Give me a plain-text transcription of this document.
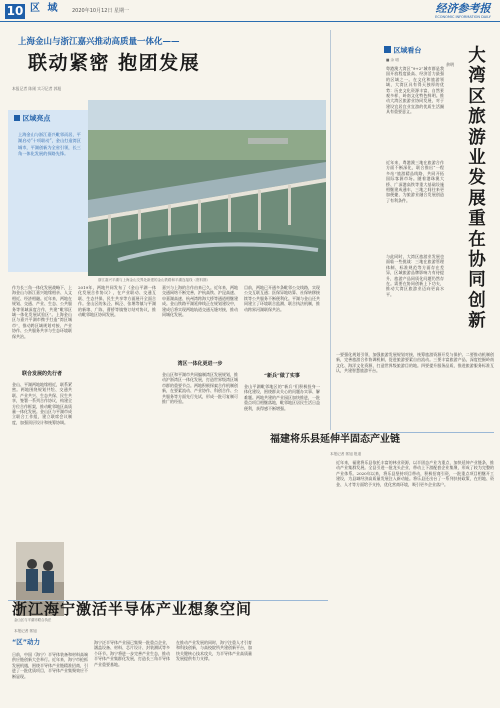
10 区 域	2020年10月12日 星期一	经济参考报
ECONOMIC INFORMATION DAILY
上海金山与浙江嘉兴推动高质量一体化——
联动紧密 抱团发展
本报记者 陈刚 实习记者 郭旭
区域亮点
上海金山与浙江嘉兴毗邻而居，平湖启动“十项联动”，金山打造湾区城市，平湖创新为全省引领，长三角一体化发展的探路先锋。
浙江嘉兴平湖与上海金山交界处新建的金山铁路和平湖连接线（资料图）
作为长三角一体化发展战略下，上海金山与浙江嘉兴地缘相亲、人文相近、经济相融。近年来，两地在规划、交通、产业、生态、公共服务等领域深度合作，共建“毗邻区域一体化发展试验区”。上海金山区与嘉兴平湖市携手打造“湾区城市”，推动跨区域规划对接、产业协作、公共服务共享与生态环境联保共治。
联合发展的先行者
金山、平湖两地地缘相近，联系紧密。两地围绕规划共绘、交通共联、产业共兴、生态共保、民生共享，签署一系列合作协议，构建全方位合作框架，推动毗邻地区高质量一体化发展。金山区与平湖市成立联合工作组，建立联席会议制度，加强顶层设计和统筹协调。
金山区与平湖市联合执法
2019年，两地共同发布了《金山平湖一体化发展合作协议》，在产业联动、交通互联、生态共保、民生共享等方面展开全面合作。金山区的朱泾、枫泾、张堰等镇与平湖的新埭、广陈、曹桥等镇签订结对协议，推动毗邻地区协同发展。
嘉兴与上海的合作由来已久。近年来，两地交通网络不断完善，沪杭高铁、沪昆高速、申嘉湖高速、杭州湾跨海大桥等通道相继建成。金山铁路平湖延伸线正在规划建设中，建成后将实现两地轨道交通无缝对接，推动同城化发展。
湾区一体化更进一步
金山区和平湖市共同编制湾区发展规划，推动沪浙湾区一体化发展，打造世界级湾区城市群的重要节点。两地积极探索合作机制创新，在要素流动、产业协作、科创合作、公共服务等方面先行先试，形成一批可复制可推广的经验。
目前，两地已开通多条毗邻公交线路，实现公交互联互通；医保异地结算、社保转移接续等公共服务不断便利化。平湖与金山还共同建立了环境联合监测、联合执法机制，推动跨界河湖联保共治。
“新兵”做了实事
金山平湖毗邻地区的“新兵”们积极投身一体化建设，围绕群众关心的问题办实事、解难题。两地共建的产业园区加快推进，一批重点项目相继落地，毗邻地区居民生活日益便利，获得感不断增强。
区域看台
■ 余 明
粤港澳大湾区“9+2”城市群是我国开放程度最高、经济活力最强的区域之一。在文化和旅游领域，大湾区具有得天独厚的优势：历史文化资源丰富，自然景观多样，岭南文化特色鲜明。推动大湾区旅游业协同发展，对于建设宜居宜业宜游的优质生活圈具有重要意义。
近年来，粤港澳三地在旅游合作方面不断深化，联合推出“一程多站”旅游精品线路，共同开拓国际客源市场。随着港珠澳大桥、广深港高铁等重大基础设施相继建成通车，三地之间往来更加便捷，为旅游业融合发展创造了有利条件。
与此同时，大湾区旅游业发展也面临一些挑战：三地在旅游管理体制、标准规范等方面存在差异，区域旅游品牌影响力有待提升，旅游产品同质化问题仍然存在。需要在协同创新上下功夫，推动大湾区旅游业迈向更高水平。
大湾区旅游业发展重在协同创新
余明
一要强化规划引领，加强旅游发展规划对接，统筹旅游资源开发与保护。二要推动机制创新，完善旅游合作协调机制，促进旅游要素自由流动。三要丰富旅游产品，深度挖掘岭南文化、海洋文化资源，打造世界级旅游目的地。四要提升服务品质，推进旅游服务标准互认，共建智慧旅游平台。
福建将乐县延伸半固态产业链
本报记者 郭旭 报道
近年来，福建将乐县依托丰富的林业资源，以半固态产业为重点，加快延伸产业链条，推动产业集群发展。全县引进一批龙头企业，带动上下游配套企业集聚，形成了较为完整的产业体系。2020年以来，将乐县坚持项目带动，积极招商引资，一批重点项目相继开工建设，为县域经济高质量发展注入新动能。将乐县还出台了一系列扶持政策，在用地、资金、人才等方面给予支持，优化营商环境，吸引更多企业落户。
浙江海宁激活半导体产业想象空间
本报记者 郭旭
“区”动力
日前，中国（海宁）半导体装备和材料高端供应链创新大会举行。近年来，海宁市抢抓发展机遇，围绕半导体产业链精准招商，引进了一批优质项目，半导体产业集聚效应不断显现。
海宁泛半导体产业园已集聚一批重点企业，涵盖设备、材料、芯片设计、封装测试等多个环节。海宁将进一步完善产业生态，推动半导体产业集群化发展，打造长三角半导体产业重要基地。
在推动产业发展的同时，海宁注重人才引育和科技创新，与高校院所共建创新平台，加快关键核心技术攻关，为半导体产业高质量发展提供有力支撑。
